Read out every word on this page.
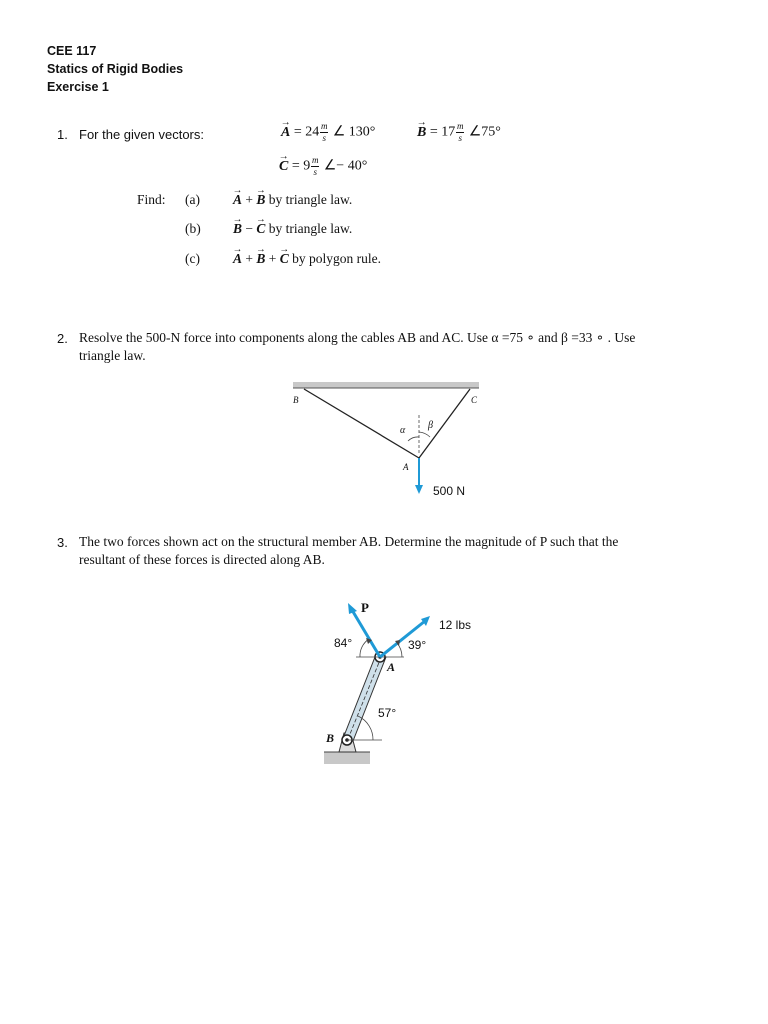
CEE 117
Statics of Rigid Bodies
Exercise 1
1. For the given vectors:	→ $A = 24 \frac{m}{s}$ ∠ 130°	→ $B = 17 \frac{m}{s}$ ∠75°
→ $C = 9 \frac{m}{s}$ ∠− 40°
Find: (a) → A + → B by triangle law.
(b) → B − → C by triangle law.
(c) → A + → B + → C by polygon rule.
2. Resolve the 500-N force into components along the cables AB and AC. Use α =75 ∘ and β =33 ∘ . Use
triangle law.
B	C
α β
A
500 N
3. The two forces shown act on the structural member AB. Determine the magnitude of P such that the
resultant of these forces is directed along AB.
P
12 lbs
84°	39°
A
57°
B
